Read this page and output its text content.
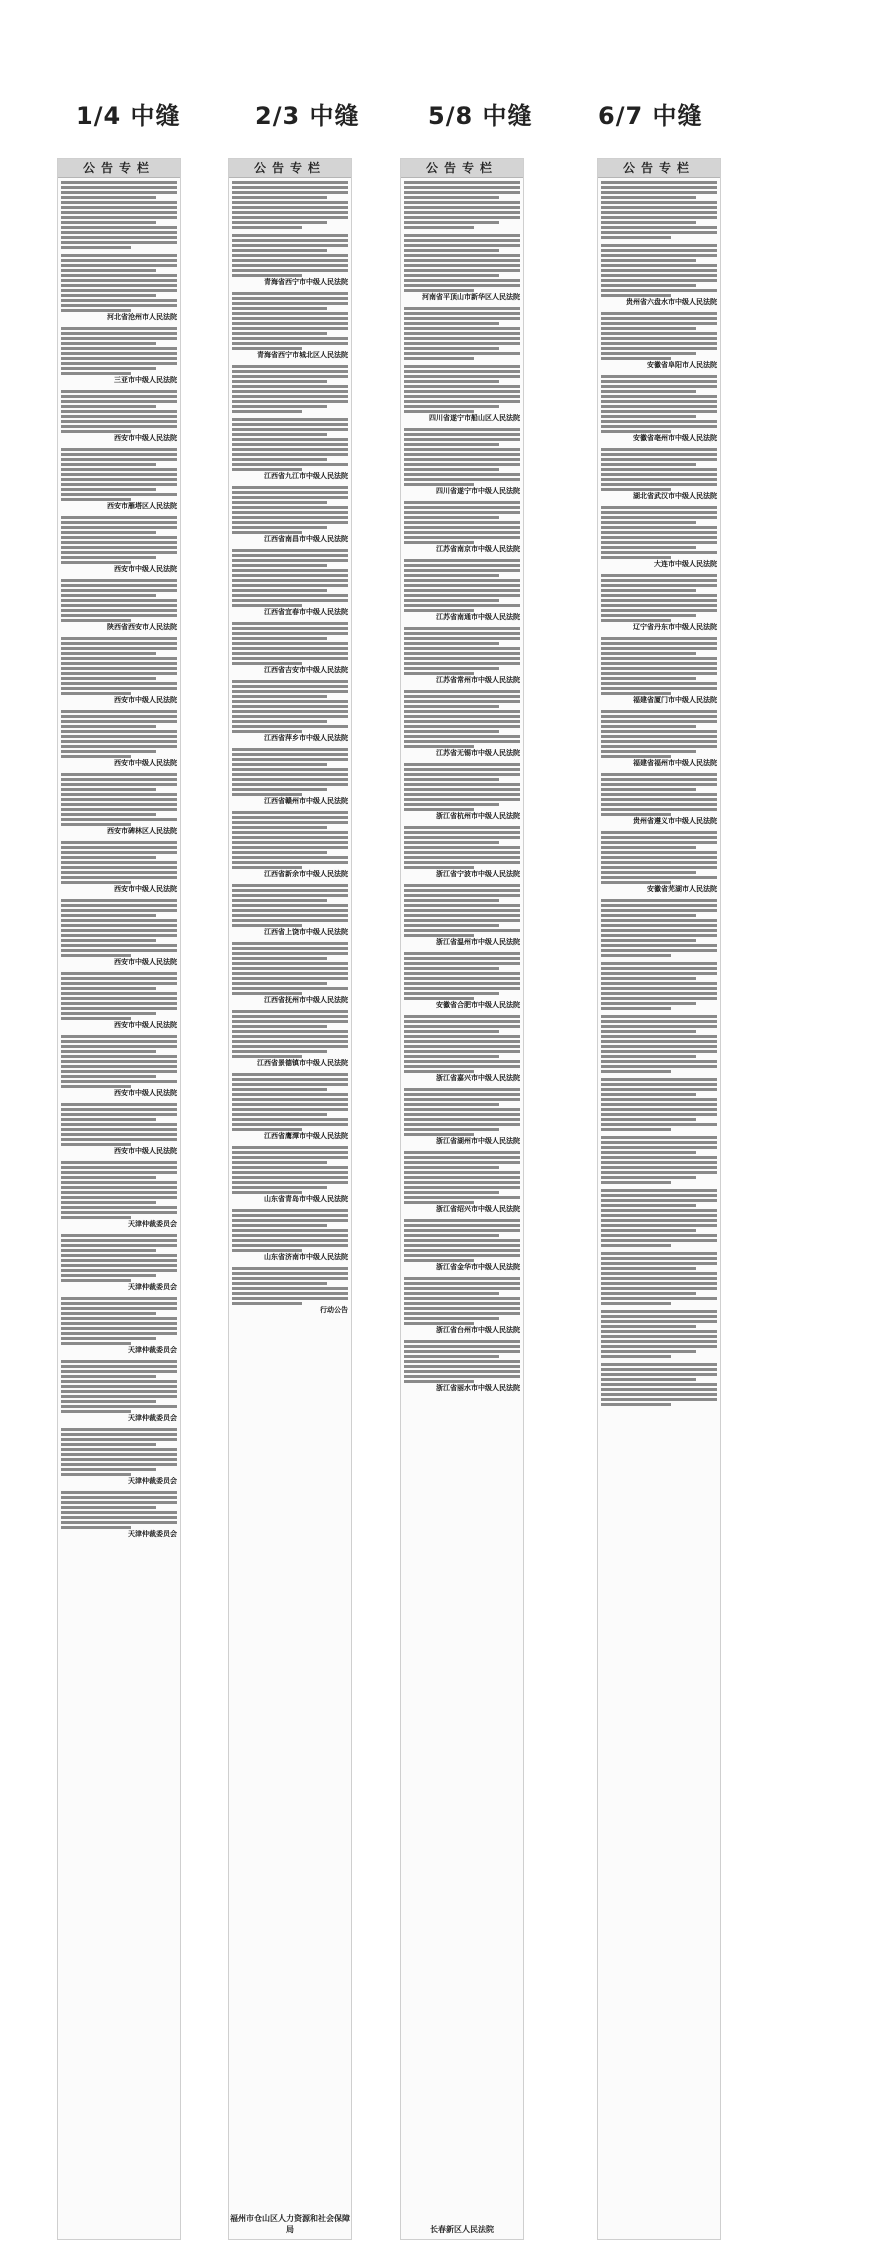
1/4 中缝	2/3 中缝	5/8 中缝	6/7 中缝
公告专栏
河北省沧州市人民法院
三亚市中级人民法院
西安市中级人民法院
西安市雁塔区人民法院
西安市中级人民法院
陕西省西安市人民法院
西安市中级人民法院
西安市中级人民法院
西安市碑林区人民法院
西安市中级人民法院
西安市中级人民法院
西安市中级人民法院
西安市中级人民法院
西安市中级人民法院
天津仲裁委员会
天津仲裁委员会
天津仲裁委员会
天津仲裁委员会
天津仲裁委员会
天津仲裁委员会
公告专栏
青海省西宁市中级人民法院
青海省西宁市城北区人民法院
江西省九江市中级人民法院
江西省南昌市中级人民法院
江西省宜春市中级人民法院
江西省吉安市中级人民法院
江西省萍乡市中级人民法院
江西省赣州市中级人民法院
江西省新余市中级人民法院
江西省上饶市中级人民法院
江西省抚州市中级人民法院
江西省景德镇市中级人民法院
江西省鹰潭市中级人民法院
山东省青岛市中级人民法院
山东省济南市中级人民法院
行动公告
福州市仓山区人力资源和社会保障局
公告专栏
河南省平顶山市新华区人民法院
四川省遂宁市船山区人民法院
四川省遂宁市中级人民法院
江苏省南京市中级人民法院
江苏省南通市中级人民法院
江苏省常州市中级人民法院
江苏省无锡市中级人民法院
浙江省杭州市中级人民法院
浙江省宁波市中级人民法院
浙江省温州市中级人民法院
安徽省合肥市中级人民法院
浙江省嘉兴市中级人民法院
浙江省湖州市中级人民法院
浙江省绍兴市中级人民法院
浙江省金华市中级人民法院
浙江省台州市中级人民法院
浙江省丽水市中级人民法院
长春新区人民法院
公告专栏
贵州省六盘水市中级人民法院
安徽省阜阳市人民法院
安徽省亳州市中级人民法院
湖北省武汉市中级人民法院
大连市中级人民法院
辽宁省丹东市中级人民法院
福建省厦门市中级人民法院
福建省福州市中级人民法院
贵州省遵义市中级人民法院
安徽省芜湖市人民法院
